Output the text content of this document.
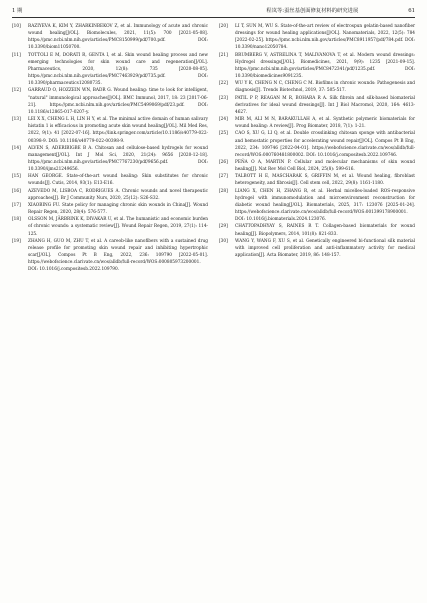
1 期	程岚等:蚕丝基创面修复材料的研究进展	61
[10]	RAZIYEVA K, KIM Y, ZHARKINBEKOV Z, et al. Immunology of acute and chronic wound healing[J/OL]. Biomolecules, 2021, 11(5): 700 [2021-05-08]. https://pmc.ncbi.nlm.nih.gov/articles/PMC8150999/pdf/700.pdf. DOI: 10.3390/biom11050700.
[11]	TOTTOLI E M, DORATI R, GENTA I, et al. Skin wound healing process and new emerging technologies for skin wound care and regeneration[J/OL]. Pharmaceutics, 2020, 12(8): 735 [2020-08-05]. https://pmc.ncbi.nlm.nih.gov/articles/PMC7463929/pdf/735.pdf. DOI: 10.3390/pharmaceutics12080735.
[12]	GARRAUD O, HOZZEIN WN, BADR G. Wound healing: time to look for intelligent, "natural" immunological approaches[J/OL]. BMC Immunol, 2017, 18: 23 [2017-06-21]. https://pmc.ncbi.nlm.nih.gov/articles/PMC5499069/pdf/23.pdf. DOI: 10.1186/s12865-017-0207-y.
[13]	LEI X X, CHENG L H, LIN H Y, et al. The minimal active domain of human salivary histatin 1 is efficacious in promoting acute skin wound healing[J/OL]. Mil Med Res, 2022, 9(1): 41 [2022-07-16]. https://link.springer.com/article/10.1186/s40779-022-00398-9. DOI: 10.1186/s40779-022-00398-9.
[14]	ALVEN S, ADERIBIGBE B A. Chitosan and cellulose-based hydrogels for wound management[J/OL]. Int J Mol Sci, 2020, 21(24): 9656 [2020-12-18]. https://pmc.ncbi.nlm.nih.gov/articles/PMC7767230/pdf/9656.pdf. DOI: 10.3390/ijms21249656.
[15]	HAN GEORGE. State-of-the-art wound healing: Skin substitutes for chronic wounds[J]. Cutis, 2014, 93(1): E13-E16.
[16]	AZEVEDO M, LISBOA C, RODRIGUES A. Chronic wounds and novel therapeutic approaches[J]. Br J Community Nurs, 2020, 25(12): S26-S32.
[17]	XIAOBING FU. State policy for managing chronic skin wounds in China[J]. Wound Repair Regen, 2020, 28(4): 576-577.
[18]	OLSSON M, JÄRBRINK K, DIVAKAR U, et al. The humanistic and economic burden of chronic wounds: a systematic review[J]. Wound Repair Regen, 2019, 27(1): 114-125.
[19]	ZHANG H, GUO M, ZHU T, et al. A careob-like nanofibers with a sustained drug release profile for promoting skin wound repair and inhibiting hypertrophic scar[J/OL]. Compos Pt B Eng, 2022, 236: 109790 [2022-05-01]. https://webofscience.clarivate.cn/wos/alldb/full-record/WOS:000805973200001. DOI: 10.1016/j.compositesb.2022.109790.
[20]	LI T, SUN M, WU S. State-of-the-art review of electrospun gelatin-based nanofiber dressings for wound healing applications[J/OL]. Nanomaterials, 2022, 12(5): 784 [2022-02-25]. https://pmc.ncbi.nlm.nih.gov/articles/PMC8911957/pdf/784.pdf. DOI: 10.3390/nano12050784.
[21]	BRUMBERG V, ASTRELINA T, MALIVANOVA T, et al. Modern wound dressings: Hydrogel dressings[J/OL]. Biomedicines, 2021, 9(9): 1235 [2021-09-15]. https://pmc.ncbi.nlm.nih.gov/articles/PMC8472341/pdf/1235.pdf. DOI: 10.3390/biomedicines9091235.
[22]	WU Y K, CHENG N C, CHENG C M. Biofilms in chronic wounds: Pathogenesis and diagnosis[J]. Trends Biotechnol, 2019, 37: 505-517.
[23]	PATIL P P, REAGAN M R, BOHARA R A. Silk fibroin and silk-based biomaterial derivatives for ideal wound dressings[J]. Int J Biol Macromol, 2020, 164: 4613-4627.
[24]	MIR M, ALI M N, BARAKULLAH A, et al. Synthetic polymeric biomaterials for wound healing: A review[J]. Prog Biomater, 2018, 7(1): 1-21.
[25]	CAO S, XU G, LI Q, et al. Double crosslinking chitosan sponge with antibacterial and hemostatic properties for accelerating wound repair[J/OL]. Compos Pt B Eng, 2022, 234: 109746 [2022-04-01]. https://webofscience.clarivate.cn/wos/alldb/full-record/WOS:000760481800002. DOI: 10.1016/j.compositesb.2022.109746.
[26]	PEÑA O A, MARTIN P. Cellular and molecular mechanisms of skin wound healing[J]. Nat Rev Mol Cell Biol, 2024, 25(8): 599-616.
[27]	TALBOTT H E, MASCHARAK S, GRIFFIN M, et al. Wound healing, fibroblast heterogeneity, and fibrosis[J]. Cell stem cell, 2022, 29(8): 1161-1180.
[28]	LIANG X, CHEN H, ZHANG R, et al. Herbal micelles-loaded ROS-responsive hydrogel with immunomodulation and microenvironment reconstruction for diabetic wound healing[J/OL]. Biomaterials, 2025, 317: 123076 [2025-01-24]. https://webofscience.clarivate.cn/wos/alldb/full-record/WOS:001399178900001. DOI: 10.1016/j.biomaterials.2024.123076.
[29]	CHATTOPADHYAY S, RAINES R T. Collagen-based biomaterials for wound healing[J]. Biopolymers, 2014, 101(8): 821-833.
[30]	WANG Y, WANG F, XU S, et al. Genetically engineered bi-functional silk material with improved cell proliferation and anti-inflammatory activity for medical application[J]. Acta Biomater, 2019, 86: 148-157.
